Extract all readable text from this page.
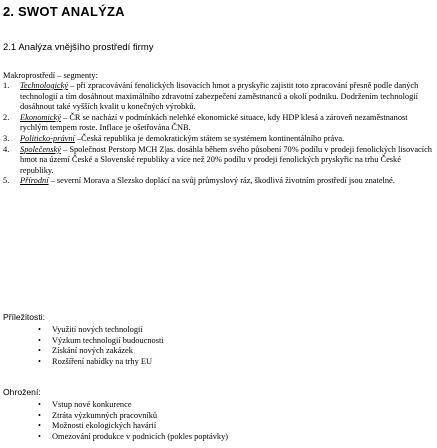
2. SWOT ANALÝZA
2.1 Analýza vnějšího prostředí firmy
Makroprostředí – segmenty:
1. Technologický – při zpracovávání fenolických lisovacích hmot a pryskyřic zajistit toto zpracování přesně podle daných technologií a tím dosáhnout maximálního zdravotní zabezpečení zaměstnanců a okolí podniku. Dodržením technologií dosáhnout také vyšších kvalit u konečných výrobků.
2. Ekonomický – ČR se nachází v podmínkách nelehké ekonomické situace, kdy HDP klesá a zároveň nezaměstnanost rychlým tempem roste. Inflace je ošetřována ČNB.
3. Politicko-právní –Česká republika je demokratickým státem se systémem kontinentálního práva.
4. Společenský – Společnost Perstorp MCH Z|as. dosáhla během svého působení 70% podílu v prodeji fenolických lisovacích hmot na území České a Slovenské republiky a více než 20% podílu v prodeji fenolických pryskyřic na trhu České republiky.
5. Přírodní – severní Morava a Slezsko doplácí na svůj průmyslový ráz, škodlivá životním prostředí jsou znatelné.
Příležitosti:
• Využití nových technologií
• Výzkum technologií budoucnosti
• Získání nových zakázek
• Rozšíření nabídky na trhy EU
Ohrožení:
• Vstup nové konkurence
• Ztráta výzkumných pracovníků
• Možnosti ekologických havárií
• Omezování produkce v podnicích (pokles poptávky)
